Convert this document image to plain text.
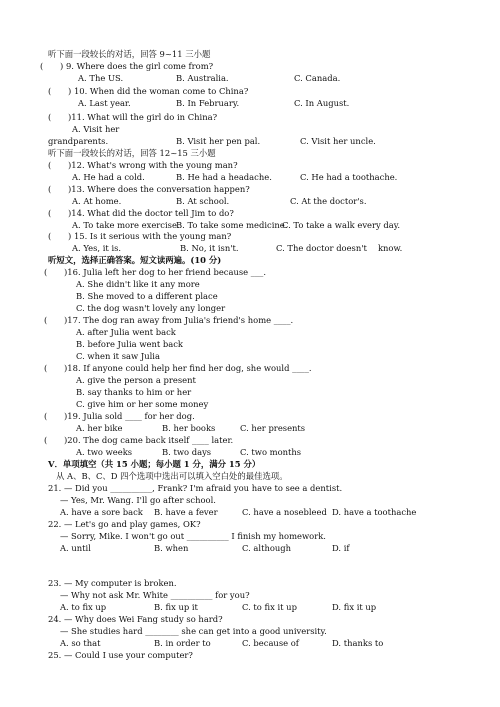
听下面一段较长的对话，回答 9~11 三小题
(　　) 9. Where does the girl come from?
A. The US.	B. Australia.	C. Canada.
(　　) 10. When did the woman come to China?
A. Last year.	B. In February.	C. In August.
(　　)11. What will the girl do in China?
A. Visit her
grandparents.	B. Visit her pen pal.	C. Visit her uncle.
听下面一段较长的对话，回答 12~15 三小题
(　　)12. What's wrong with the young man?
A. He had a cold.	B. He had a headache.	C. He had a toothache.
(　　)13. Where does the conversation happen?
A. At home.	B. At school.	C. At the doctor's.
(　　)14. What did the doctor tell Jim to do?
A. To take more exercise.
B. To take some medicine.
C. To take a walk every day.
(　　) 15. Is it serious with the young man?
A. Yes, it is.	B. No, it isn't.	C. The doctor doesn't　 know.
听短文，选择正确答案。短文读两遍。(10 分)
(　　)16. Julia left her dog to her friend because ___.
A. She didn't like it any more
B. She moved to a different place
C. the dog wasn't lovely any longer
(　　)17. The dog ran away from Julia's friend's home ____.
A. after Julia went back
B. before Julia went back
C. when it saw Julia
(　　)18. If anyone could help her find her dog, she would ____.
A. give the person a present
B. say thanks to him or her
C. give him or her some money
(　　)19. Julia sold ____ for her dog.
A. her bike	B. her books	C. her presents
(　　)20. The dog came back itself ____ later.
A. two weeks	B. two days	C. two months
V．单项填空（共 15 小题；每小题 1 分，满分 15 分）
从 A、B、C、D 四个选项中选出可以填入空白处的最佳选项。
21. — Did you __________, Frank? I'm afraid you have to see a dentist.
— Yes, Mr. Wang. I'll go after school.
A. have a sore back B. have a fever	C. have a nosebleed D. have a toothache
22. — Let's go and play games, OK?
— Sorry, Mike. I won't go out __________ I finish my homework.
A. until	B. when	C. although	D. if
23. — My computer is broken.
— Why not ask Mr. White __________ for you?
A. to fix up	B. fix up it	C. to fix it up	D. fix it up
24. — Why does Wei Fang study so hard?
— She studies hard ________ she can get into a good university.
A. so that	B. in order to	C. because of	D. thanks to
25. — Could I use your computer?
